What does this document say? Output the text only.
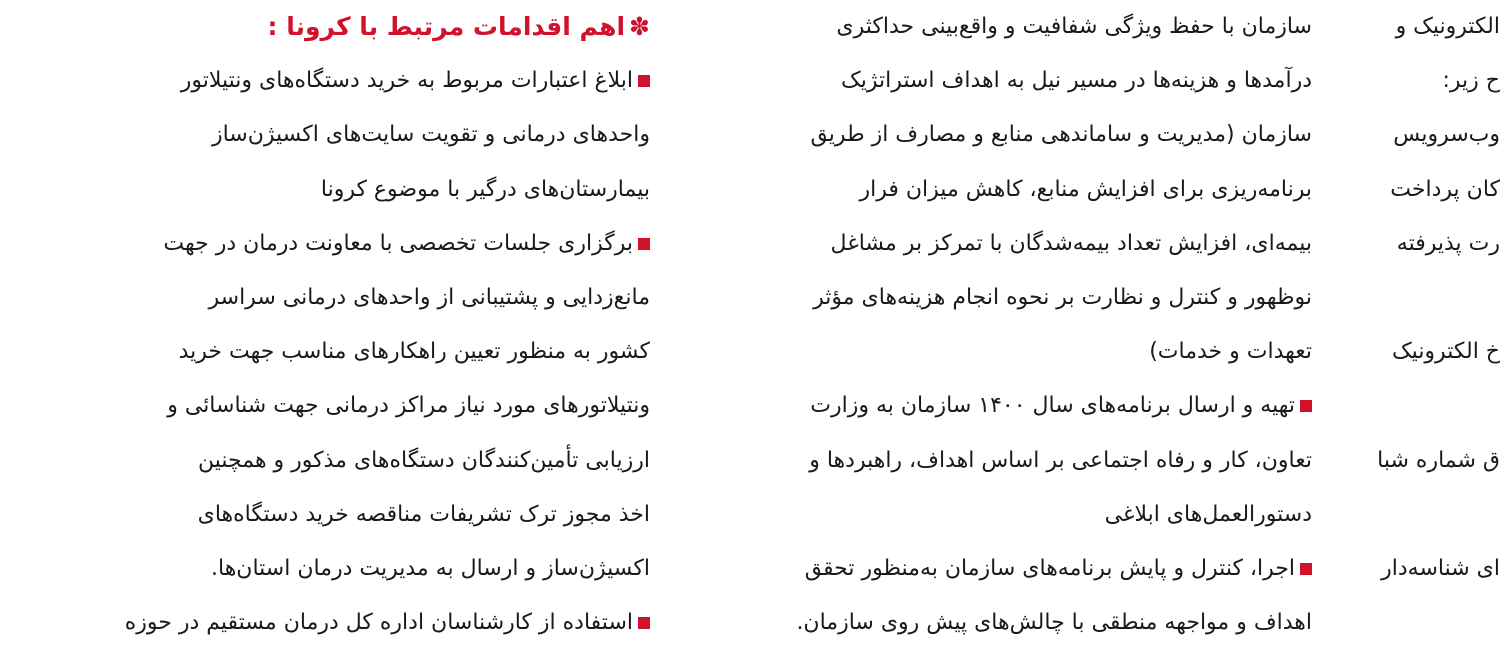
الکترونیک و
ح زیر:
وب‌سرویس
کان پرداخت
رت پذیرفته
خ الکترونیک
ق شماره شبا
ای شناسه‌دار
سازمان با حفظ ویژگی شفافیت و واقع‌بینی حداکثری
درآمدها و هزینه‌ها در مسیر نیل به اهداف استراتژیک
سازمان (مدیریت و ساماندهی منابع و مصارف از طریق
برنامه‌ریزی برای افزایش منابع، کاهش میزان فرار
بیمه‌ای، افزایش تعداد بیمه‌شدگان با تمرکز بر مشاغل
نوظهور و کنترل و نظارت بر نحوه انجام هزینه‌های مؤثر
تعهدات و خدمات)
تهیه و ارسال برنامه‌های سال ۱۴۰۰ سازمان به وزارت
تعاون، کار و رفاه اجتماعی بر اساس اهداف، راهبردها و
دستورالعمل‌های ابلاغی
اجرا، کنترل و پایش برنامه‌های سازمان به‌منظور تحقق
اهداف و مواجهه منطقی با چالش‌های پیش روی سازمان.
✽اهم اقدامات مرتبط با کرونا :
ابلاغ اعتبارات مربوط به خرید دستگاه‌های ونتیلاتور
واحدهای درمانی و تقویت سایت‌های اکسیژن‌ساز
بیمارستان‌های درگیر با موضوع کرونا
برگزاری جلسات تخصصی با معاونت درمان در جهت
مانع‌زدایی و پشتیبانی از واحدهای درمانی سراسر
کشور به منظور تعیین راهکارهای مناسب جهت خرید
ونتیلاتورهای مورد نیاز مراکز درمانی جهت شناسائی و
ارزیابی تأمین‌کنندگان دستگاه‌های مذکور و همچنین
اخذ مجوز ترک تشریفات مناقصه خرید دستگاه‌های
اکسیژن‌ساز و ارسال به مدیریت درمان استان‌ها.
استفاده از کارشناسان اداره کل درمان مستقیم در حوزه
